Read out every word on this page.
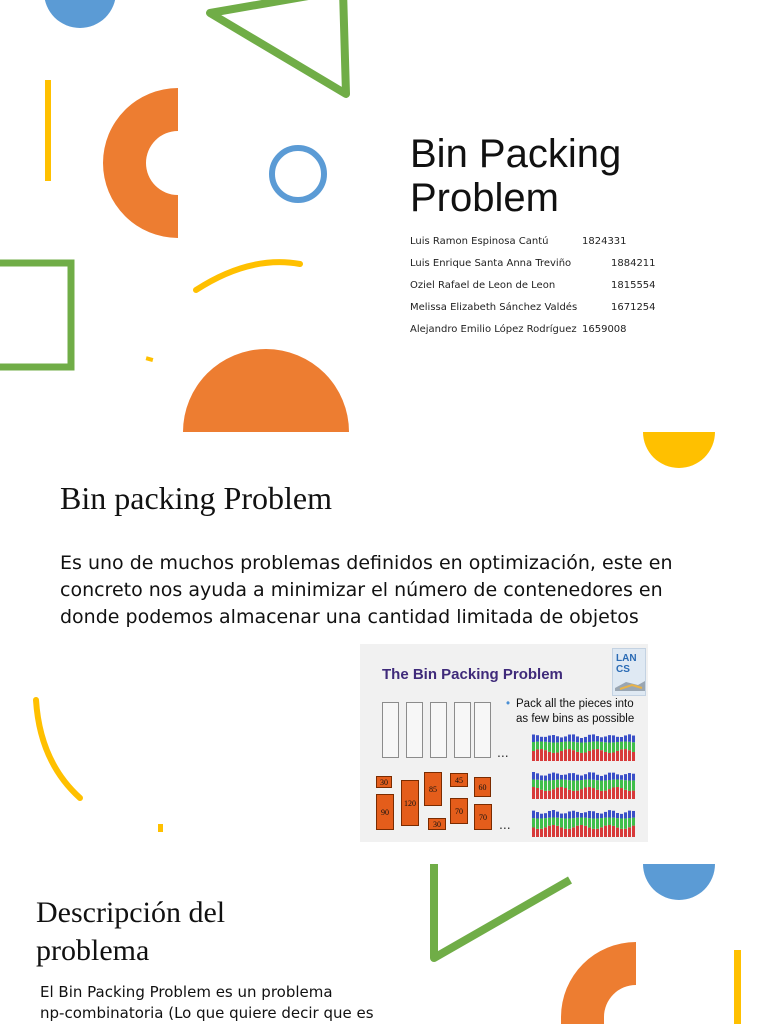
Bin Packing
Problem
Luis Ramon Espinosa Cantú	1824331
Luis Enrique Santa Anna Treviño	1884211
Oziel Rafael de Leon de Leon	1815554
Melissa Elizabeth Sánchez Valdés	1671254
Alejandro Emilio López Rodríguez 1659008
Bin packing Problem

Es uno de muchos problemas definidos en optimización, este en concreto nos ayuda a minimizar el número de contenedores en donde podemos almacenar una cantidad limitada de objetos

The Bin Packing Problem
LAN
CS
• Pack all the pieces into as few bins as possible
...
30
90
120
85
30
45
70
60
70 ...
Descripción del
problema

El Bin Packing Problem es un problema
np-combinatoria (Lo que quiere decir que es
